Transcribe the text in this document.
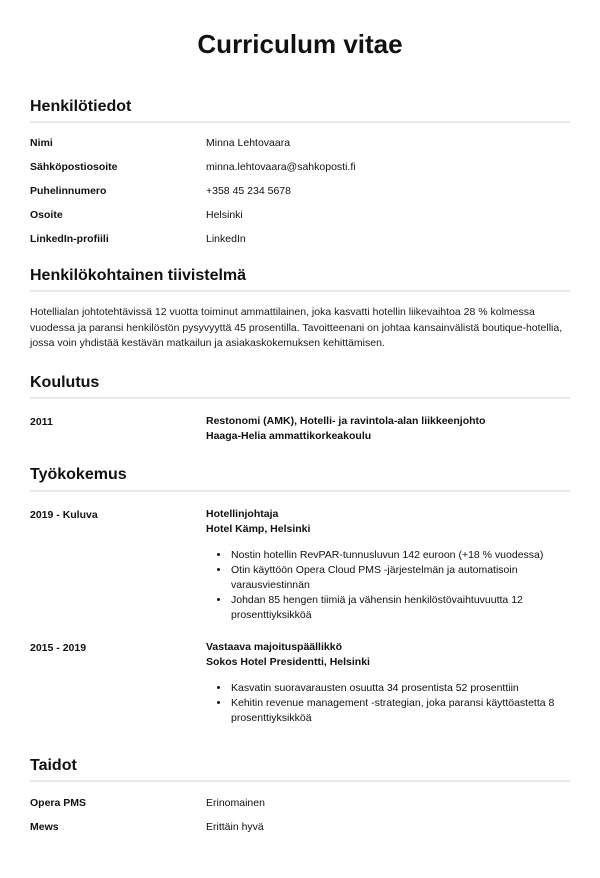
Curriculum vitae
Henkilötiedot
Nimi	Minna Lehtovaara
Sähköpostiosoite	minna.lehtovaara@sahkoposti.fi
Puhelinnumero	+358 45 234 5678
Osoite	Helsinki
LinkedIn-profiili	LinkedIn
Henkilökohtainen tiivistelmä

Hotellialan johtotehtävissä 12 vuotta toiminut ammattilainen, joka kasvatti hotellin liikevaihtoa 28 % kolmessa vuodessa ja paransi henkilöstön pysyvyyttä 45 prosentilla. Tavoitteenani on johtaa kansainvälistä boutique-hotellia, jossa voin yhdistää kestävän matkailun ja asiakaskokemuksen kehittämisen.

Koulutus
2011	Restonomi (AMK), Hotelli- ja ravintola-alan liikkeenjohto
Haaga-Helia ammattikorkeakoulu
Työkokemus
2019 - Kuluva	Hotellinjohtaja
Hotel Kämp, Helsinki
• Nostin hotellin RevPAR-tunnusluvun 142 euroon (+18 % vuodessa)
• Otin käyttöön Opera Cloud PMS -järjestelmän ja automatisoin varausviestinnän
• Johdan 85 hengen tiimiä ja vähensin henkilöstövaihtuvuutta 12 prosenttiyksikköä
2015 - 2019	Vastaava majoituspäällikkö
Sokos Hotel Presidentti, Helsinki
• Kasvatin suoravarausten osuutta 34 prosentista 52 prosenttiin
• Kehitin revenue management -strategian, joka paransi käyttöastetta 8 prosenttiyksikköä
Taidot
Opera PMS	Erinomainen
Mews	Erittäin hyvä
